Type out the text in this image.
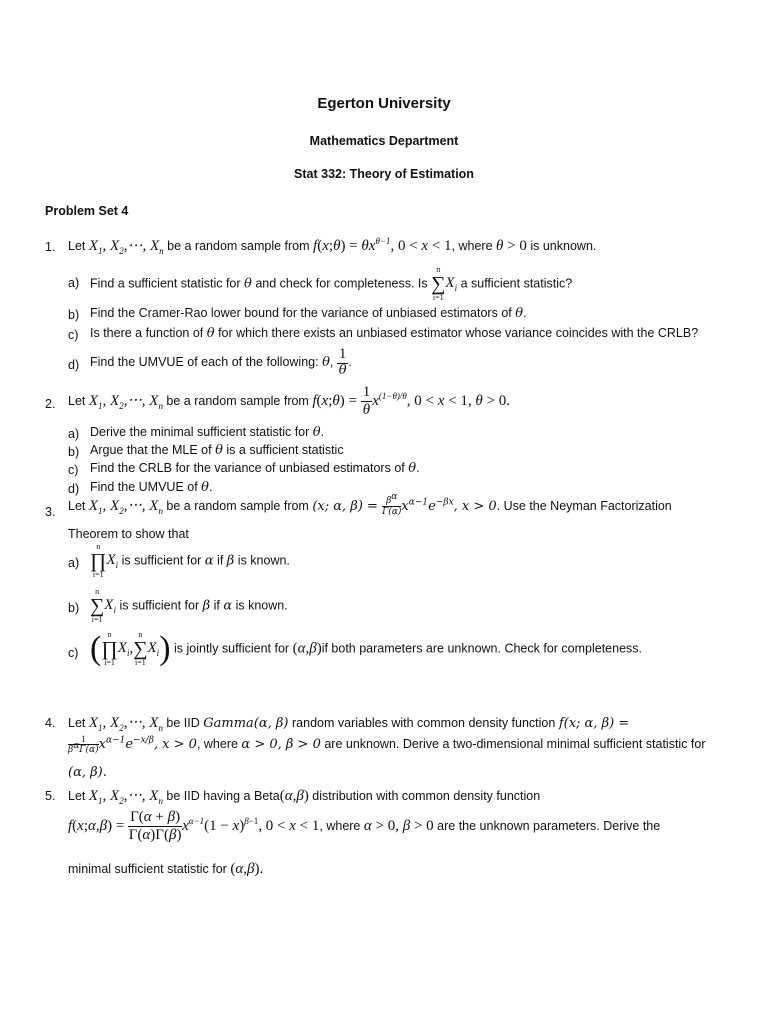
Egerton University
Mathematics Department
Stat 332: Theory of Estimation
Problem Set 4
1. Let $X_1$, $X_2,\cdots$, $X_n$ be a random sample from f(x;θ) = $\theta x^{\theta-1}$, 0 < x < 1, where θ > 0 is unknown.
a) Find a sufficient statistic for θ and check for completeness. Is
n
∑
i=1
$X_i$ a sufficient statistic?
b) Find the Cramer-Rao lower bound for the variance of unbiased estimators of θ.
c) Is there a function of θ for which there exists an unbiased estimator whose variance coincides with the CRLB?
d) Find the UMVUE of each of the following: θ, $\frac{1}{\theta}$ .
2. Let $X_1$, $X_2,\cdot\cdot\cdot$, $X_n$ be a random sample from f(x;θ) = $\frac{1}{\theta} x^{(1-\theta)/\theta}$, 0 < x < 1, θ > 0.
a) Derive the minimal sufficient statistic for θ.
b) Argue that the MLE of θ is a sufficient statistic
c) Find the CRLB for the variance of unbiased estimators of θ.
d) Find the UMVUE of θ.
3. Let $X_1$, $X_2,\cdot\cdot\cdot$, $X_n$ be a random sample from (x; α, $\beta) = \frac{\beta^\alpha}{\Gamma(\alpha)} x^{\alpha-1}e^{-\beta x}$, x > 0. Use the Neyman Factorization
Theorem to show that
a)
n
∏
i=1
$X_i$ is sufficient for α if β is known.
b)
n
∑
i=1
$X_i$ is sufficient for β if α is known.
c) ( n
∏
i=1
$X_i$,
n
∑
i=1
$X_i$) is jointly sufficient for (α,β)if both parameters are unknown. Check for completeness.
4. Let $X_1$, $X_2,\cdot\cdot\cdot$, $X_n$ be IID Gamma(α, β) random variables with common density function f(x; α, β) =
$\frac{1}{\beta^\alpha\Gamma(\alpha)} x^{\alpha-1}e^{-x/\beta}$, x > 0, where α > 0, β > 0 are unknown. Derive a two-dimensional minimal sufficient statistic for
(α, β).
5. Let $X_1$, $X_2,\cdot\cdot\cdot$, $X_n$ be IID having a Beta(α,β) distribution with common density function
f(x;α,β) = $\frac{\Gamma(\alpha + \beta)}{\Gamma(\alpha)\Gamma(\beta)} x^{\alpha-1}(1 - x)^{\beta-1}$, 0 < x < 1, where α > 0, β > 0 are the unknown parameters. Derive the
minimal sufficient statistic for (α,β).
